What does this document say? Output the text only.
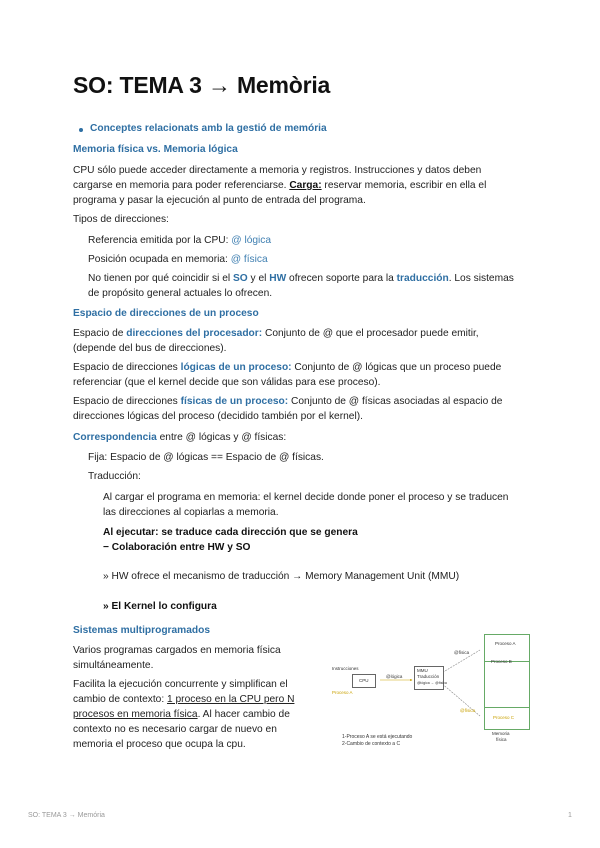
SO: TEMA 3 → Memòria
Conceptes relacionats amb la gestió de memória
Memoria física vs. Memoria lógica
CPU sólo puede acceder directamente a memoria y registros. Instrucciones y datos deben
cargarse en memoria para poder referenciarse. Carga: reservar memoria, escribir en ella el
programa y pasar la ejecución al punto de entrada del programa.
Tipos de direcciones:
Referencia emitida por la CPU: @ lógica
Posición ocupada en memoria: @ física
No tienen por qué coincidir si el SO y el HW ofrecen soporte para la traducción. Los sistemas
de propósito general actuales lo ofrecen.
Espacio de direcciones de un proceso
Espacio de direcciones del procesador: Conjunto de @ que el procesador puede emitir,
(depende del bus de direcciones).
Espacio de direcciones lógicas de un proceso: Conjunto de @ lógicas que un proceso puede
referenciar (que el kernel decide que son válidas para ese proceso).
Espacio de direcciones físicas de un proceso: Conjunto de @ físicas asociadas al espacio de
direcciones lógicas del proceso (decidido también por el kernel).
Correspondencia entre @ lógicas y @ físicas:
Fija: Espacio de @ lógicas == Espacio de @ físicas.
Traducción:
Al cargar el programa en memoria: el kernel decide donde poner el proceso y se traducen
las direcciones al copiarlas a memoria.
Al ejecutar: se traduce cada dirección que se genera
− Colaboración entre HW y SO
» HW ofrece el mecanismo de traducción → Memory Management Unit (MMU)
» El Kernel lo configura
Sistemas multiprogramados
Varios programas cargados en memoria física
simultáneamente.
Facilita la ejecución concurrente y simplifican el
cambio de contexto: 1 proceso en la CPU pero N
procesos en memoria física. Al hacer cambio de
contexto no es necesario cargar de nuevo en
memoria el proceso que ocupa la cpu.
Instrucciones
CPU
Proceso A
@lógica
MMU
Traducción
@lógica → @física
@física
@física
Proceso A
Proceso B
Proceso C
Memoria
física
1-Proceso A se está ejecutando
2-Cambio de contexto a C
SO: TEMA 3 → Memória	1
